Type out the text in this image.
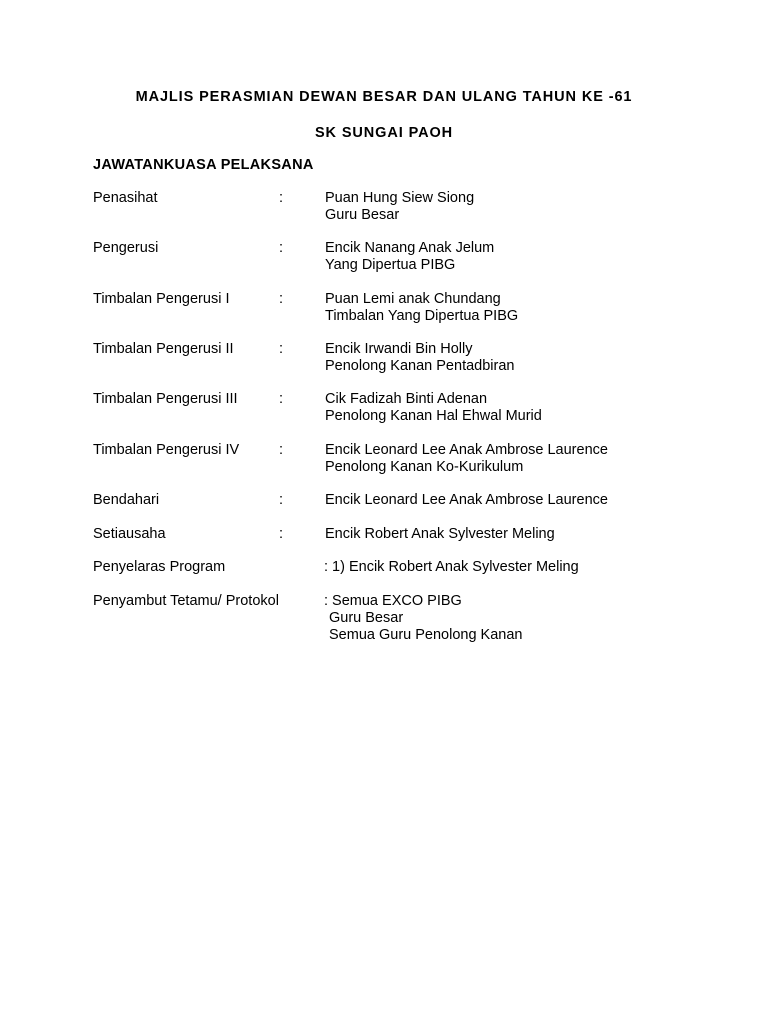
MAJLIS PERASMIAN DEWAN BESAR DAN ULANG TAHUN KE -61
SK SUNGAI PAOH
JAWATANKUASA PELAKSANA
Penasihat	:	Puan Hung Siew Siong
Guru Besar
Pengerusi	:	Encik Nanang Anak Jelum
Yang Dipertua PIBG
Timbalan Pengerusi I	:	Puan Lemi anak Chundang
Timbalan Yang Dipertua PIBG
Timbalan Pengerusi II	:	Encik Irwandi Bin Holly
Penolong Kanan Pentadbiran
Timbalan Pengerusi III	:	Cik Fadizah Binti Adenan
Penolong Kanan Hal Ehwal Murid
Timbalan Pengerusi IV	:	Encik Leonard Lee Anak Ambrose Laurence
Penolong Kanan Ko-Kurikulum
Bendahari	:	Encik Leonard Lee Anak Ambrose Laurence
Setiausaha	:	Encik Robert Anak Sylvester Meling
Penyelaras Program	: 1) Encik Robert Anak Sylvester Meling
Penyambut Tetamu/ Protokol	: Semua EXCO PIBG
Guru Besar
Semua Guru Penolong Kanan
